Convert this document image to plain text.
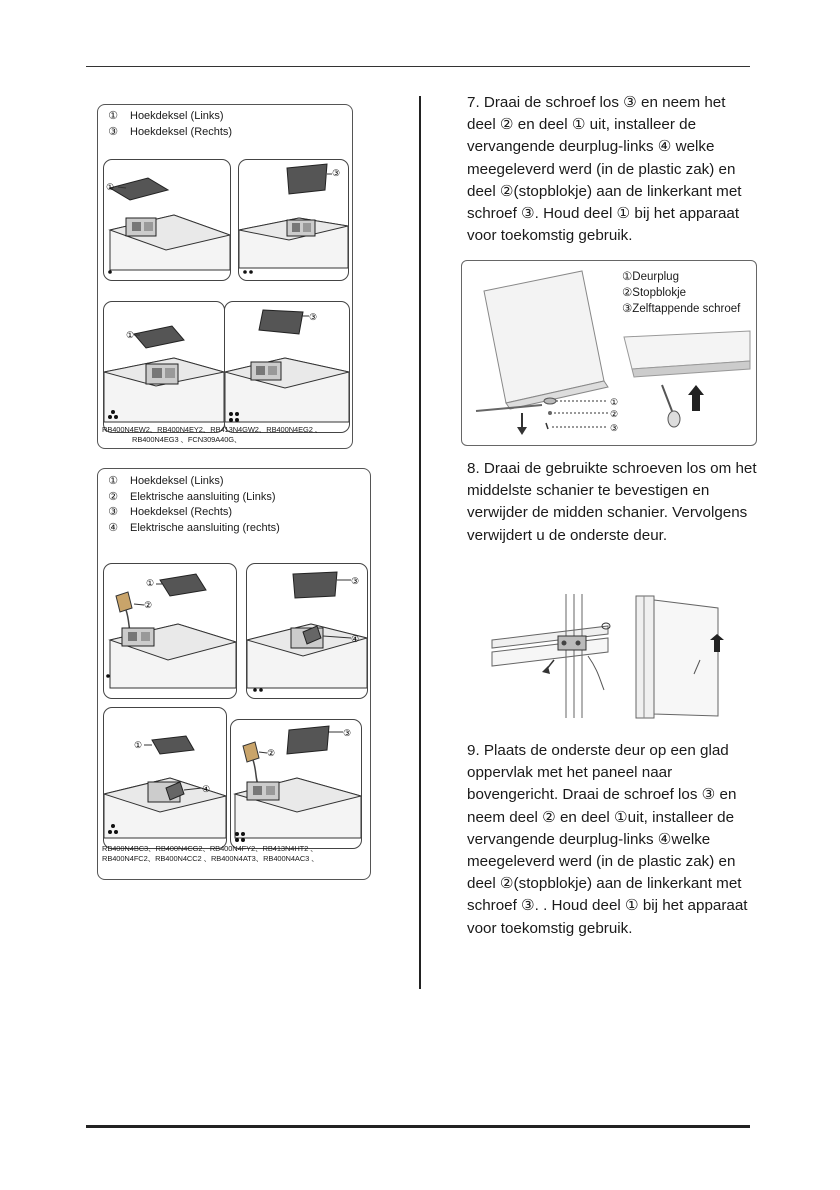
① Hoekdeksel (Links)
③ Hoekdeksel (Rechts)
①
③
①
③
RB400N4EW2、RB400N4EY2、RB413N4GW2、RB400N4EG2 、
RB400N4EG3 、FCN309A40G、
① Hoekdeksel (Links)
② Elektrische aansluiting (Links)
③ Hoekdeksel (Rechts)
④ Elektrische aansluiting (rechts)
①
②
③
④
①
④
③
②
RB400N4BC3、RB400N4CG2、RB400N4FY2、RB413N4HT2 、
RB400N4FC2、RB400N4CC2 、RB400N4AT3、RB400N4AC3 、

7. Draai de schroef los ③ en neem het deel ② en deel ① uit, installeer de vervangende deurplug-links ④ welke meegeleverd werd (in de plastic zak) en deel ②(stopblokje) aan de linkerkant met schroef ③. Houd deel ① bij het apparaat voor toekomstig gebruik.

①
②
③
①Deurplug
②Stopblokje
③Zelftappende schroef

8. Draai de gebruikte schroeven los om het middelste schanier te bevestigen en verwijder de midden schanier. Vervolgens verwijdert u de onderste deur.

9. Plaats de onderste deur op een glad oppervlak met het paneel naar bovengericht. Draai de schroef los ③ en neem deel ② en deel ①uit, installeer de vervangende deurplug-links ④welke meegeleverd werd (in de plastic zak) en deel ②(stopblokje) aan de linkerkant met schroef ③. . Houd deel ① bij het apparaat voor toekomstig gebruik.
